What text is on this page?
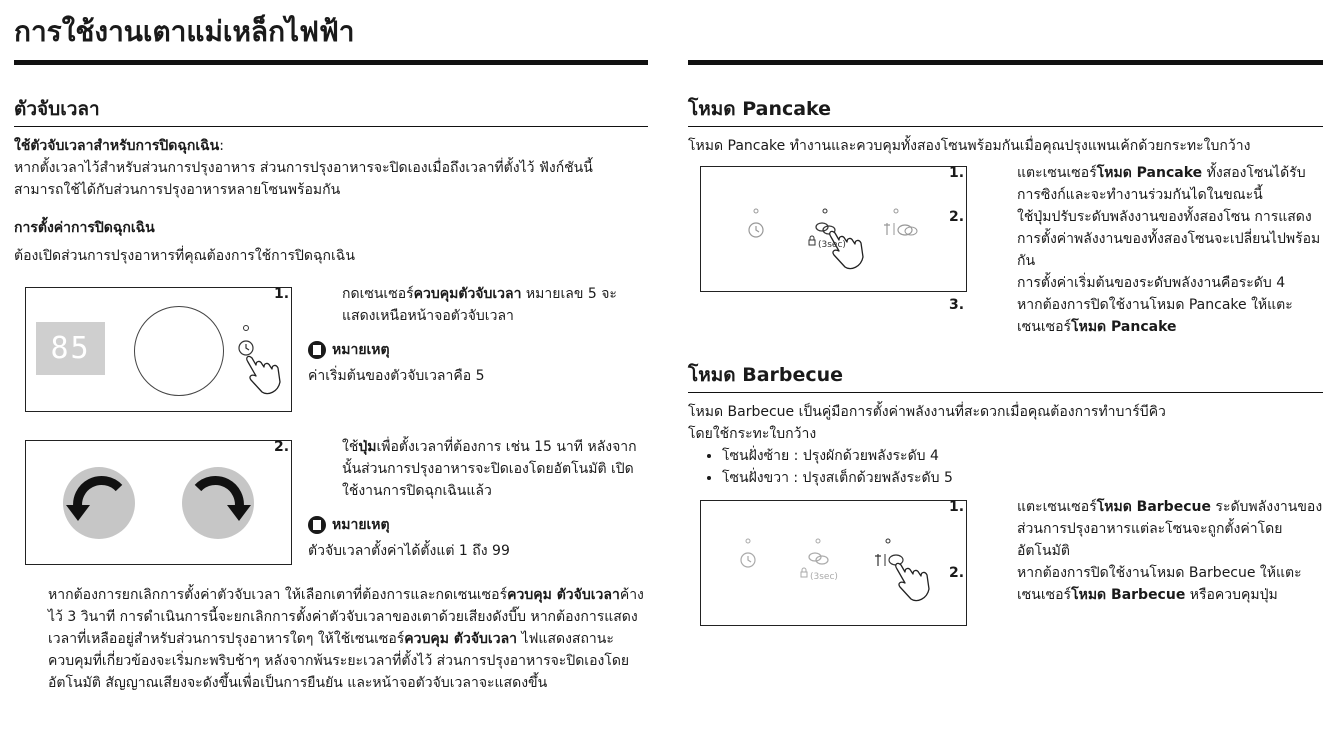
การใช้งานเตาแม่เหล็กไฟฟ้า
ตัวจับเวลา

ใช้ตัวจับเวลาสำหรับการปิดฉุกเฉิน:

หากตั้งเวลาไว้สำหรับส่วนการปรุงอาหาร ส่วนการปรุงอาหารจะปิดเองเมื่อถึงเวลาที่ตั้งไว้ ฟังก์ชันนี้

สามารถใช้ได้กับส่วนการปรุงอาหารหลายโซนพร้อมกัน

การตั้งค่าการปิดฉุกเฉิน

ต้องเปิดส่วนการปรุงอาหารที่คุณต้องการใช้การปิดฉุกเฉิน

85

1.	กดเซนเซอร์ควบคุมตัวจับเวลา หมายเลข 5 จะแสดงเหนือหน้าจอตัวจับเวลา

หมายเหตุ

ค่าเริ่มต้นของตัวจับเวลาคือ 5

2.	ใช้ปุ่มเพื่อตั้งเวลาที่ต้องการ เช่น 15 นาที หลังจากนั้นส่วนการปรุงอาหารจะปิดเองโดยอัตโนมัติ เปิดใช้งานการปิดฉุกเฉินแล้ว

หมายเหตุ

ตัวจับเวลาตั้งค่าได้ตั้งแต่ 1 ถึง 99

หากต้องการยกเลิกการตั้งค่าตัวจับเวลา ให้เลือกเตาที่ต้องการและกดเซนเซอร์ควบคุม ตัวจับเวลาค้างไว้ 3 วินาที การดำเนินการนี้จะยกเลิกการตั้งค่าตัวจับเวลาของเตาด้วยเสียงดังบี๊บ หากต้องการแสดงเวลาที่เหลืออยู่สำหรับส่วนการปรุงอาหารใดๆ ให้ใช้เซนเซอร์ควบคุม ตัวจับเวลา ไฟแสดงสถานะควบคุมที่เกี่ยวข้องจะเริ่มกะพริบช้าๆ หลังจากพ้นระยะเวลาที่ตั้งไว้ ส่วนการปรุงอาหารจะปิดเองโดยอัตโนมัติ สัญญาณเสียงจะดังขึ้นเพื่อเป็นการยืนยัน และหน้าจอตัวจับเวลาจะแสดงขึ้น

โหมด Pancake

โหมด Pancake ทำงานและควบคุมทั้งสองโซนพร้อมกันเมื่อคุณปรุงแพนเค้กด้วยกระทะใบกว้าง

(3sec)

1.	แตะเซนเซอร์โหมด Pancake ทั้งสองโซนได้รับการซิงก์และจะทำงานร่วมกันไดในขณะนี้

2.	ใช้ปุ่มปรับระดับพลังงานของทั้งสองโซน การแสดงการตั้งค่าพลังงานของทั้งสองโซนจะเปลี่ยนไปพร้อมกัน

การตั้งค่าเริ่มต้นของระดับพลังงานคือระดับ 4

3.	หากต้องการปิดใช้งานโหมด Pancake ให้แตะเซนเซอร์โหมด Pancake

โหมด Barbecue

โหมด Barbecue เป็นคู่มือการตั้งค่าพลังงานที่สะดวกเมื่อคุณต้องการทำบาร์บีคิว

โดยใช้กระทะใบกว้าง

• โซนฝั่งซ้าย : ปรุงผักด้วยพลังระดับ 4
• โซนฝั่งขวา : ปรุงสเต็กด้วยพลังระดับ 5
(3sec)

1.	แตะเซนเซอร์โหมด Barbecue ระดับพลังงานของส่วนการปรุงอาหารแต่ละโซนจะถูกตั้งค่าโดยอัตโนมัติ

2.	หากต้องการปิดใช้งานโหมด Barbecue ให้แตะเซนเซอร์โหมด Barbecue หรือควบคุมปุ่ม
